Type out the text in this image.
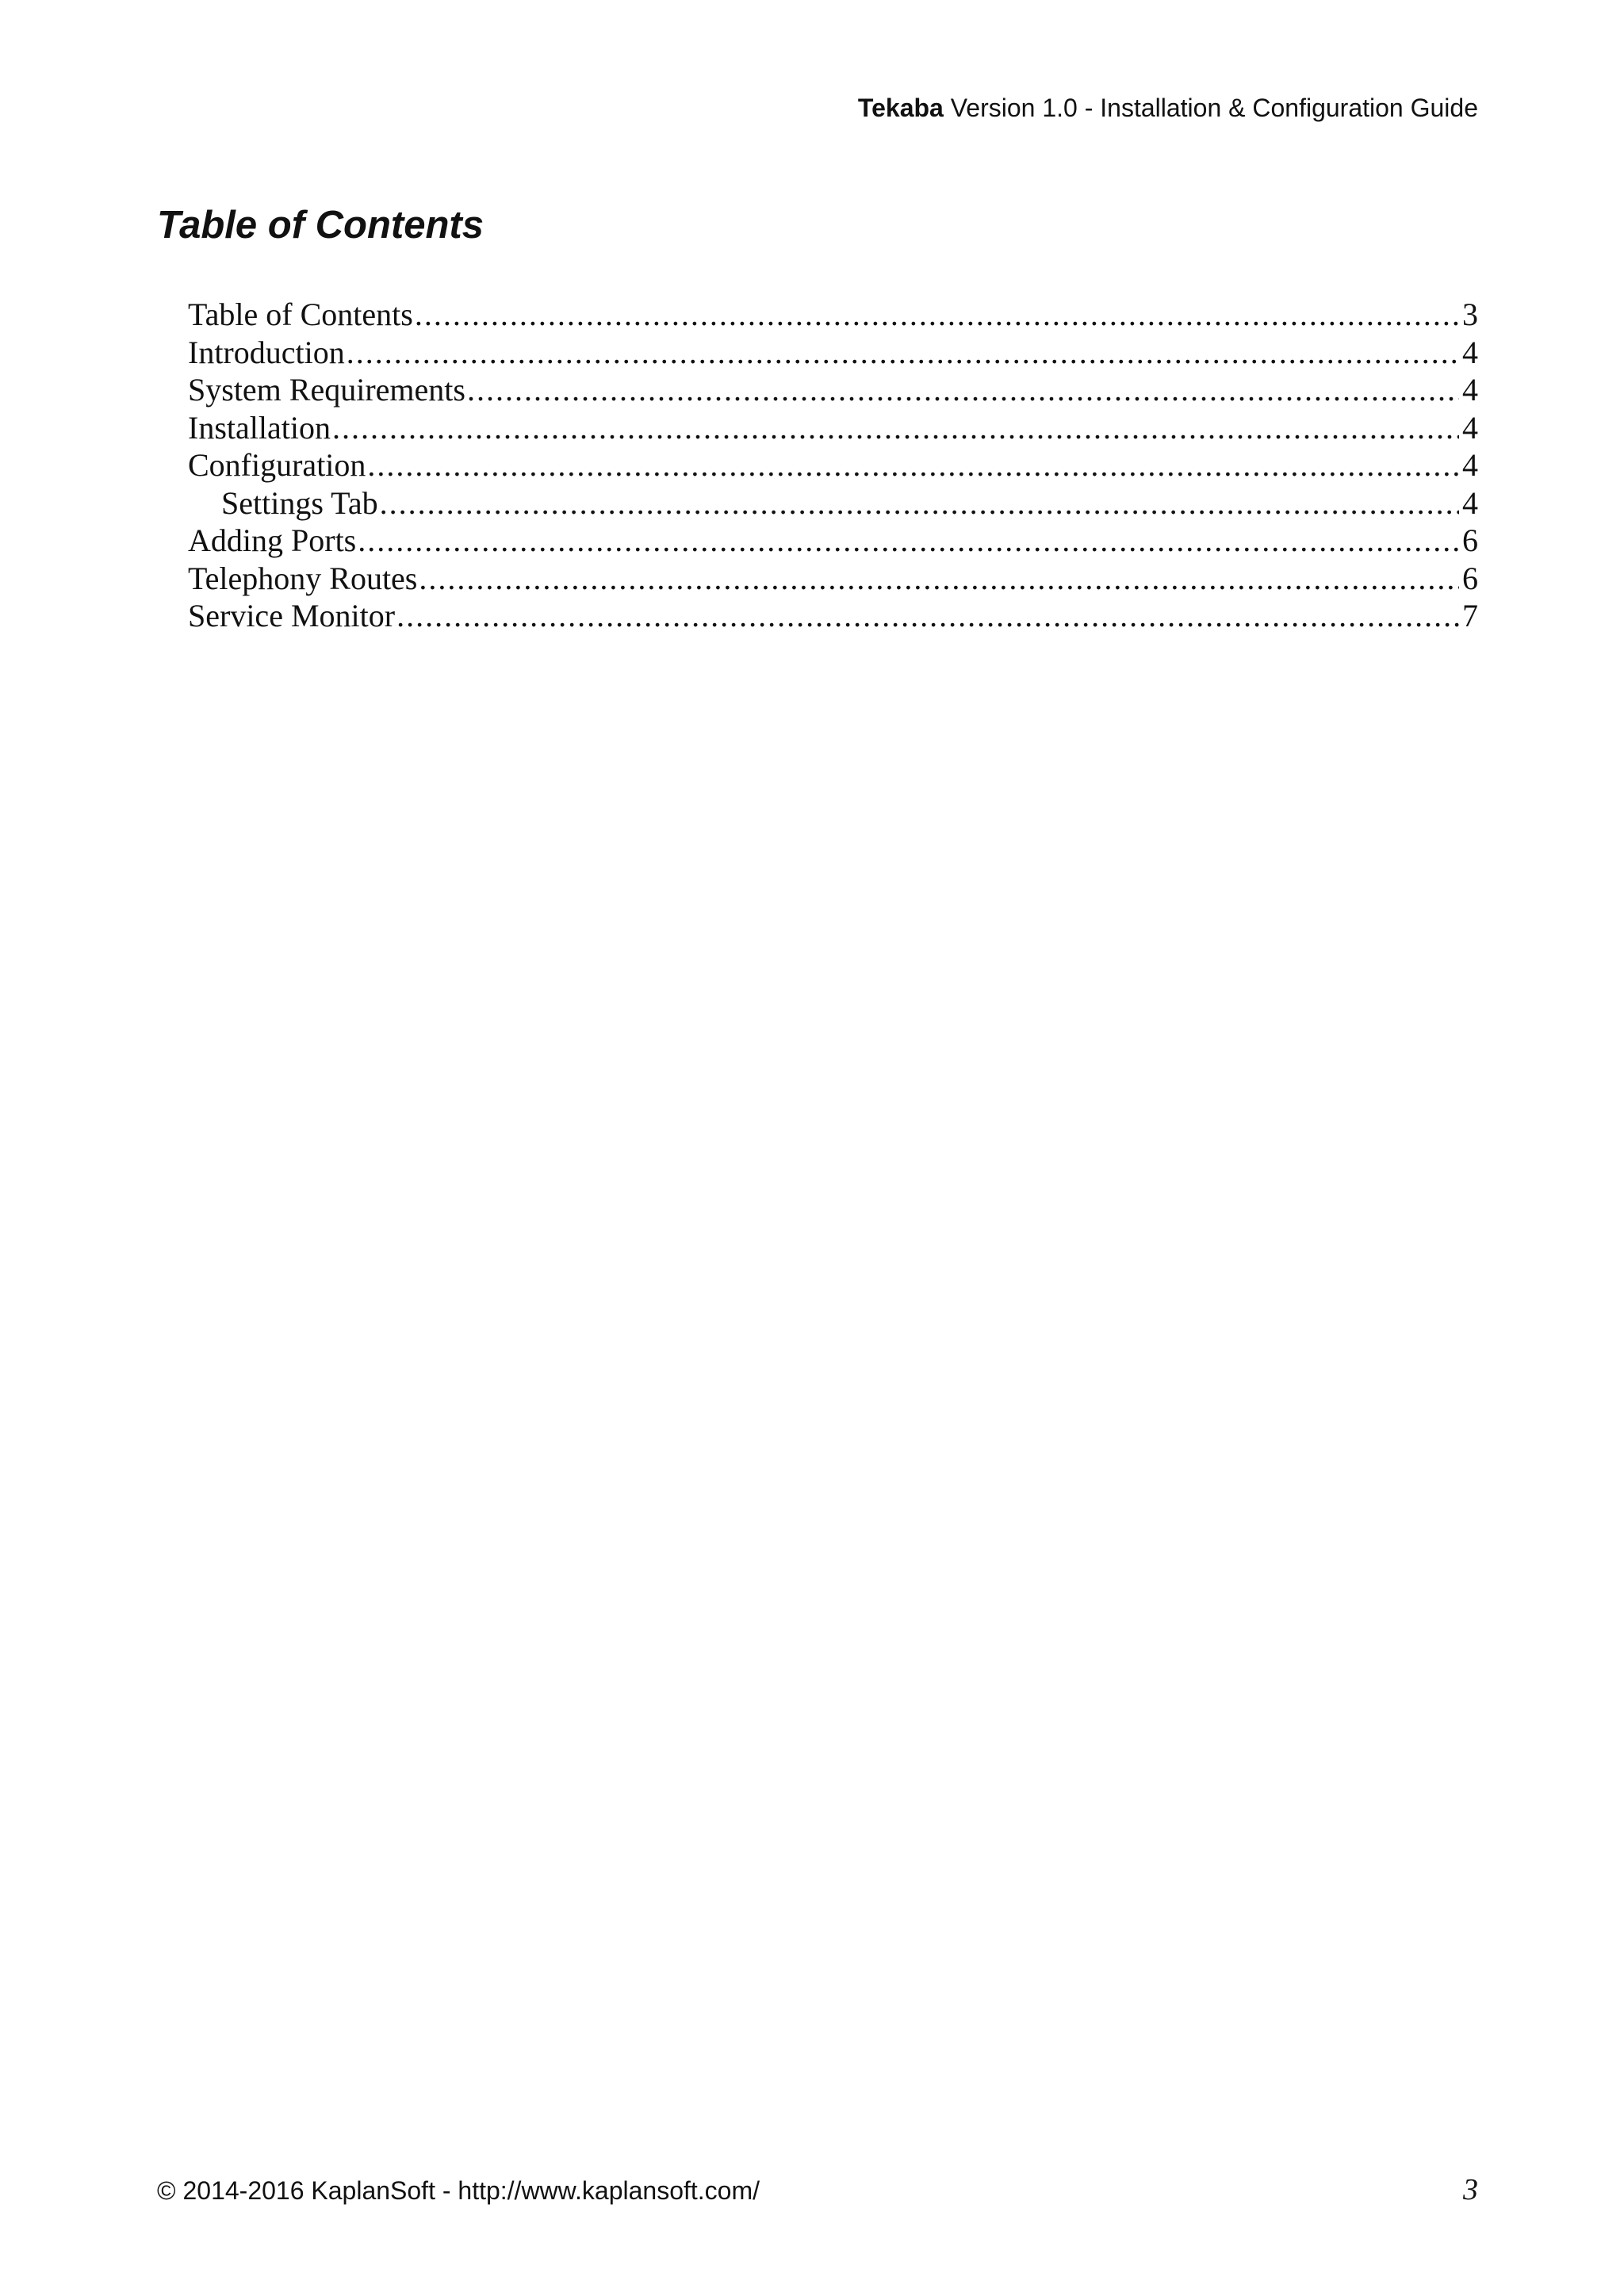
Tekaba Version 1.0 - Installation & Configuration Guide
Table of Contents
Table of Contents .....	3
Introduction .....	4
System Requirements .....	4
Installation .....	4
Configuration .....	4
Settings Tab .....	4
Adding Ports .....	6
Telephony Routes .....	6
Service Monitor .....	7
© 2014-2016 KaplanSoft - http://www.kaplansoft.com/	3
